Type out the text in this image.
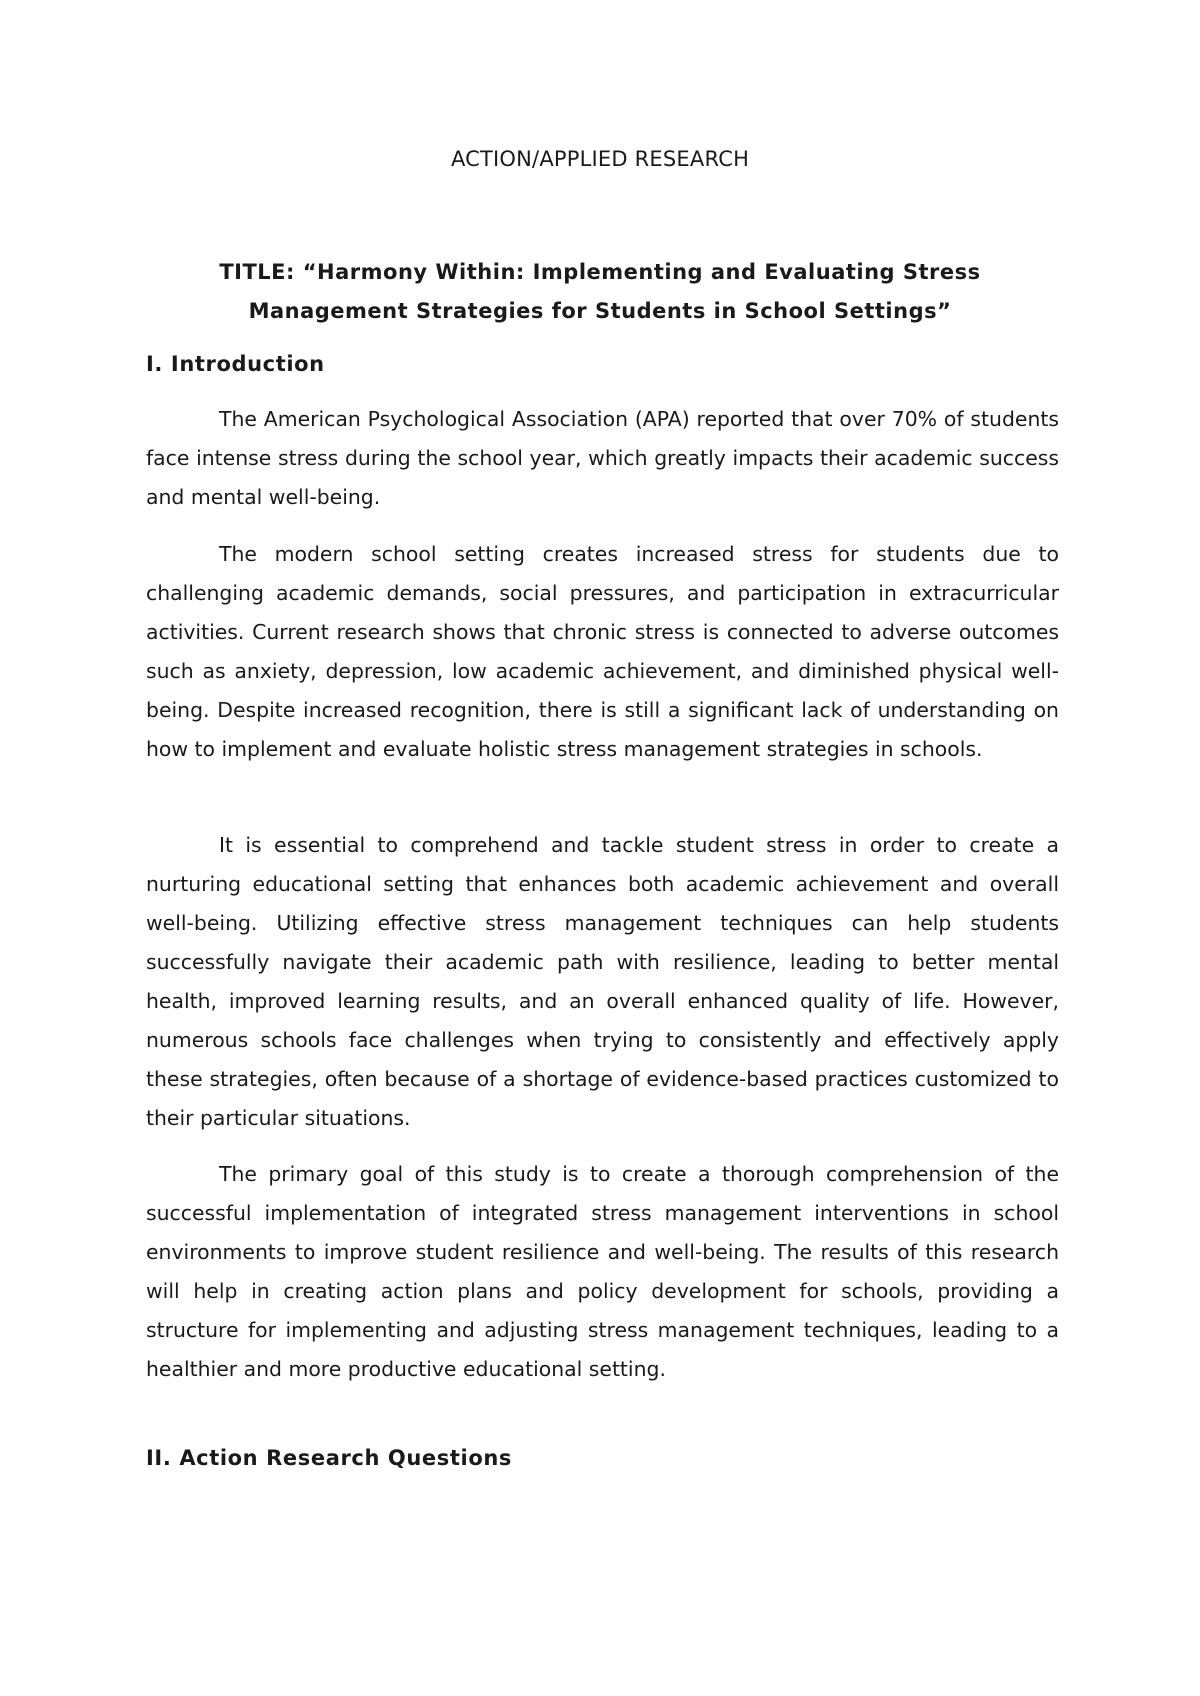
ACTION/APPLIED RESEARCH
TITLE: “Harmony Within: Implementing and Evaluating Stress
Management Strategies for Students in School Settings”
I. Introduction

The American Psychological Association (APA) reported that over 70% of students face intense stress during the school year, which greatly impacts their academic success and mental well-being.

The modern school setting creates increased stress for students due to challenging academic demands, social pressures, and participation in extracurricular activities. Current research shows that chronic stress is connected to adverse outcomes such as anxiety, depression, low academic achievement, and diminished physical well-being. Despite increased recognition, there is still a significant lack of understanding on how to implement and evaluate holistic stress management strategies in schools.

It is essential to comprehend and tackle student stress in order to create a nurturing educational setting that enhances both academic achievement and overall well-being. Utilizing effective stress management techniques can help students successfully navigate their academic path with resilience, leading to better mental health, improved learning results, and an overall enhanced quality of life. However, numerous schools face challenges when trying to consistently and effectively apply these strategies, often because of a shortage of evidence-based practices customized to their particular situations.

The primary goal of this study is to create a thorough comprehension of the successful implementation of integrated stress management interventions in school environments to improve student resilience and well-being. The results of this research will help in creating action plans and policy development for schools, providing a structure for implementing and adjusting stress management techniques, leading to a healthier and more productive educational setting.

II. Action Research Questions
